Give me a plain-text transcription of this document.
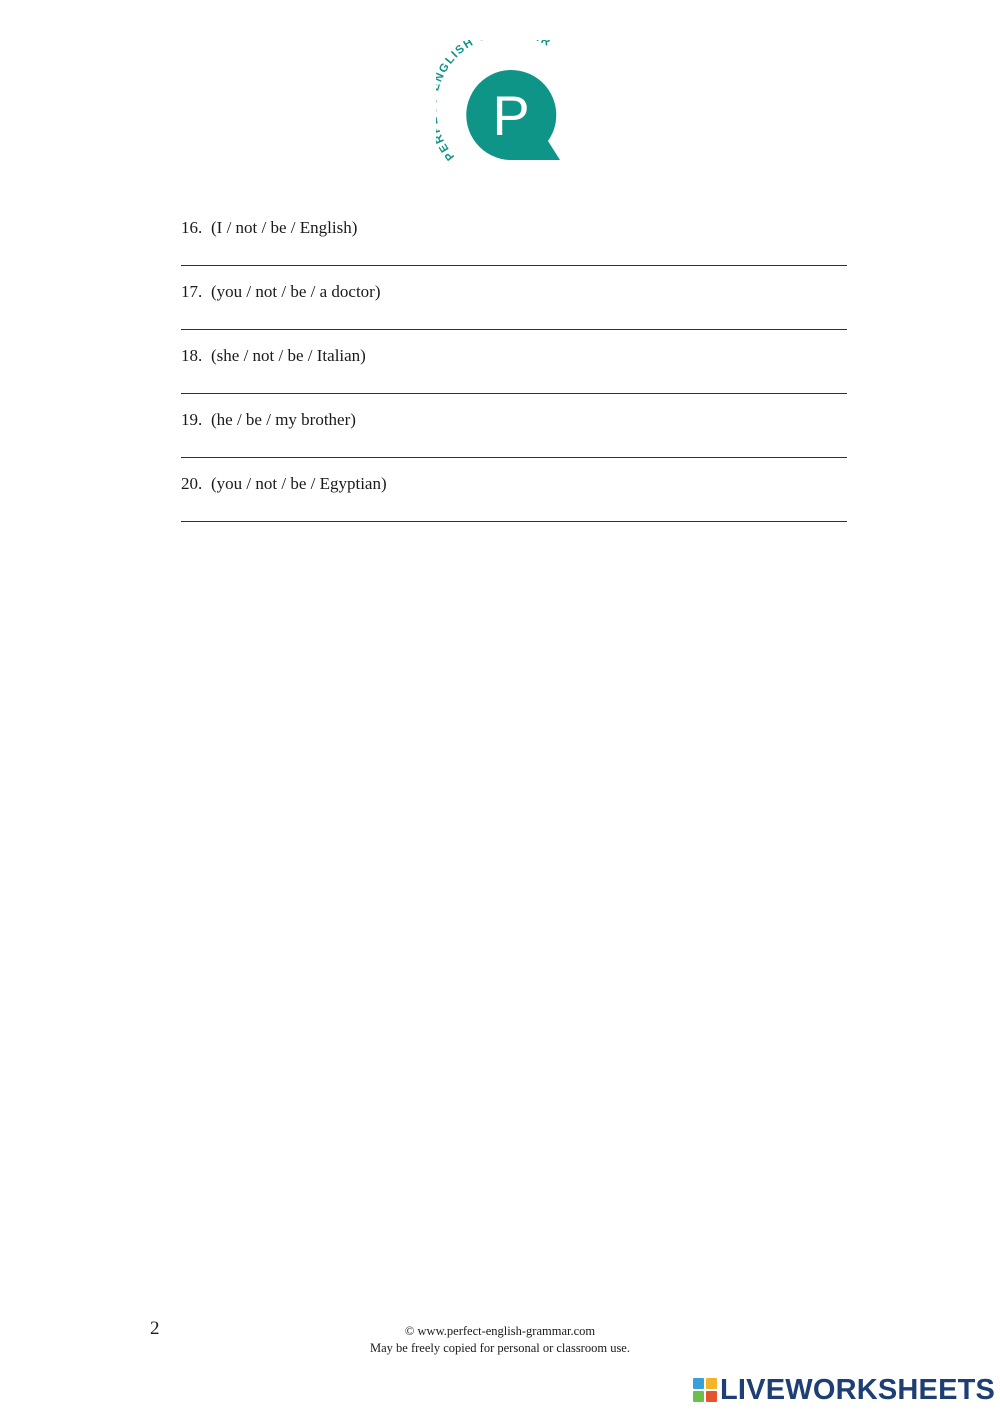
PE GLISH R
P
16. (I / not / be / English)
17. (you / not / be / a doctor)
18. (she / not / be / Italian)
19. (he / be / my brother)
20. (you / not / be / Egyptian)
2	© www.perfect-english-grammar.com
May be freely copied for personal or classroom use.
LIVEWORKSHEETS
